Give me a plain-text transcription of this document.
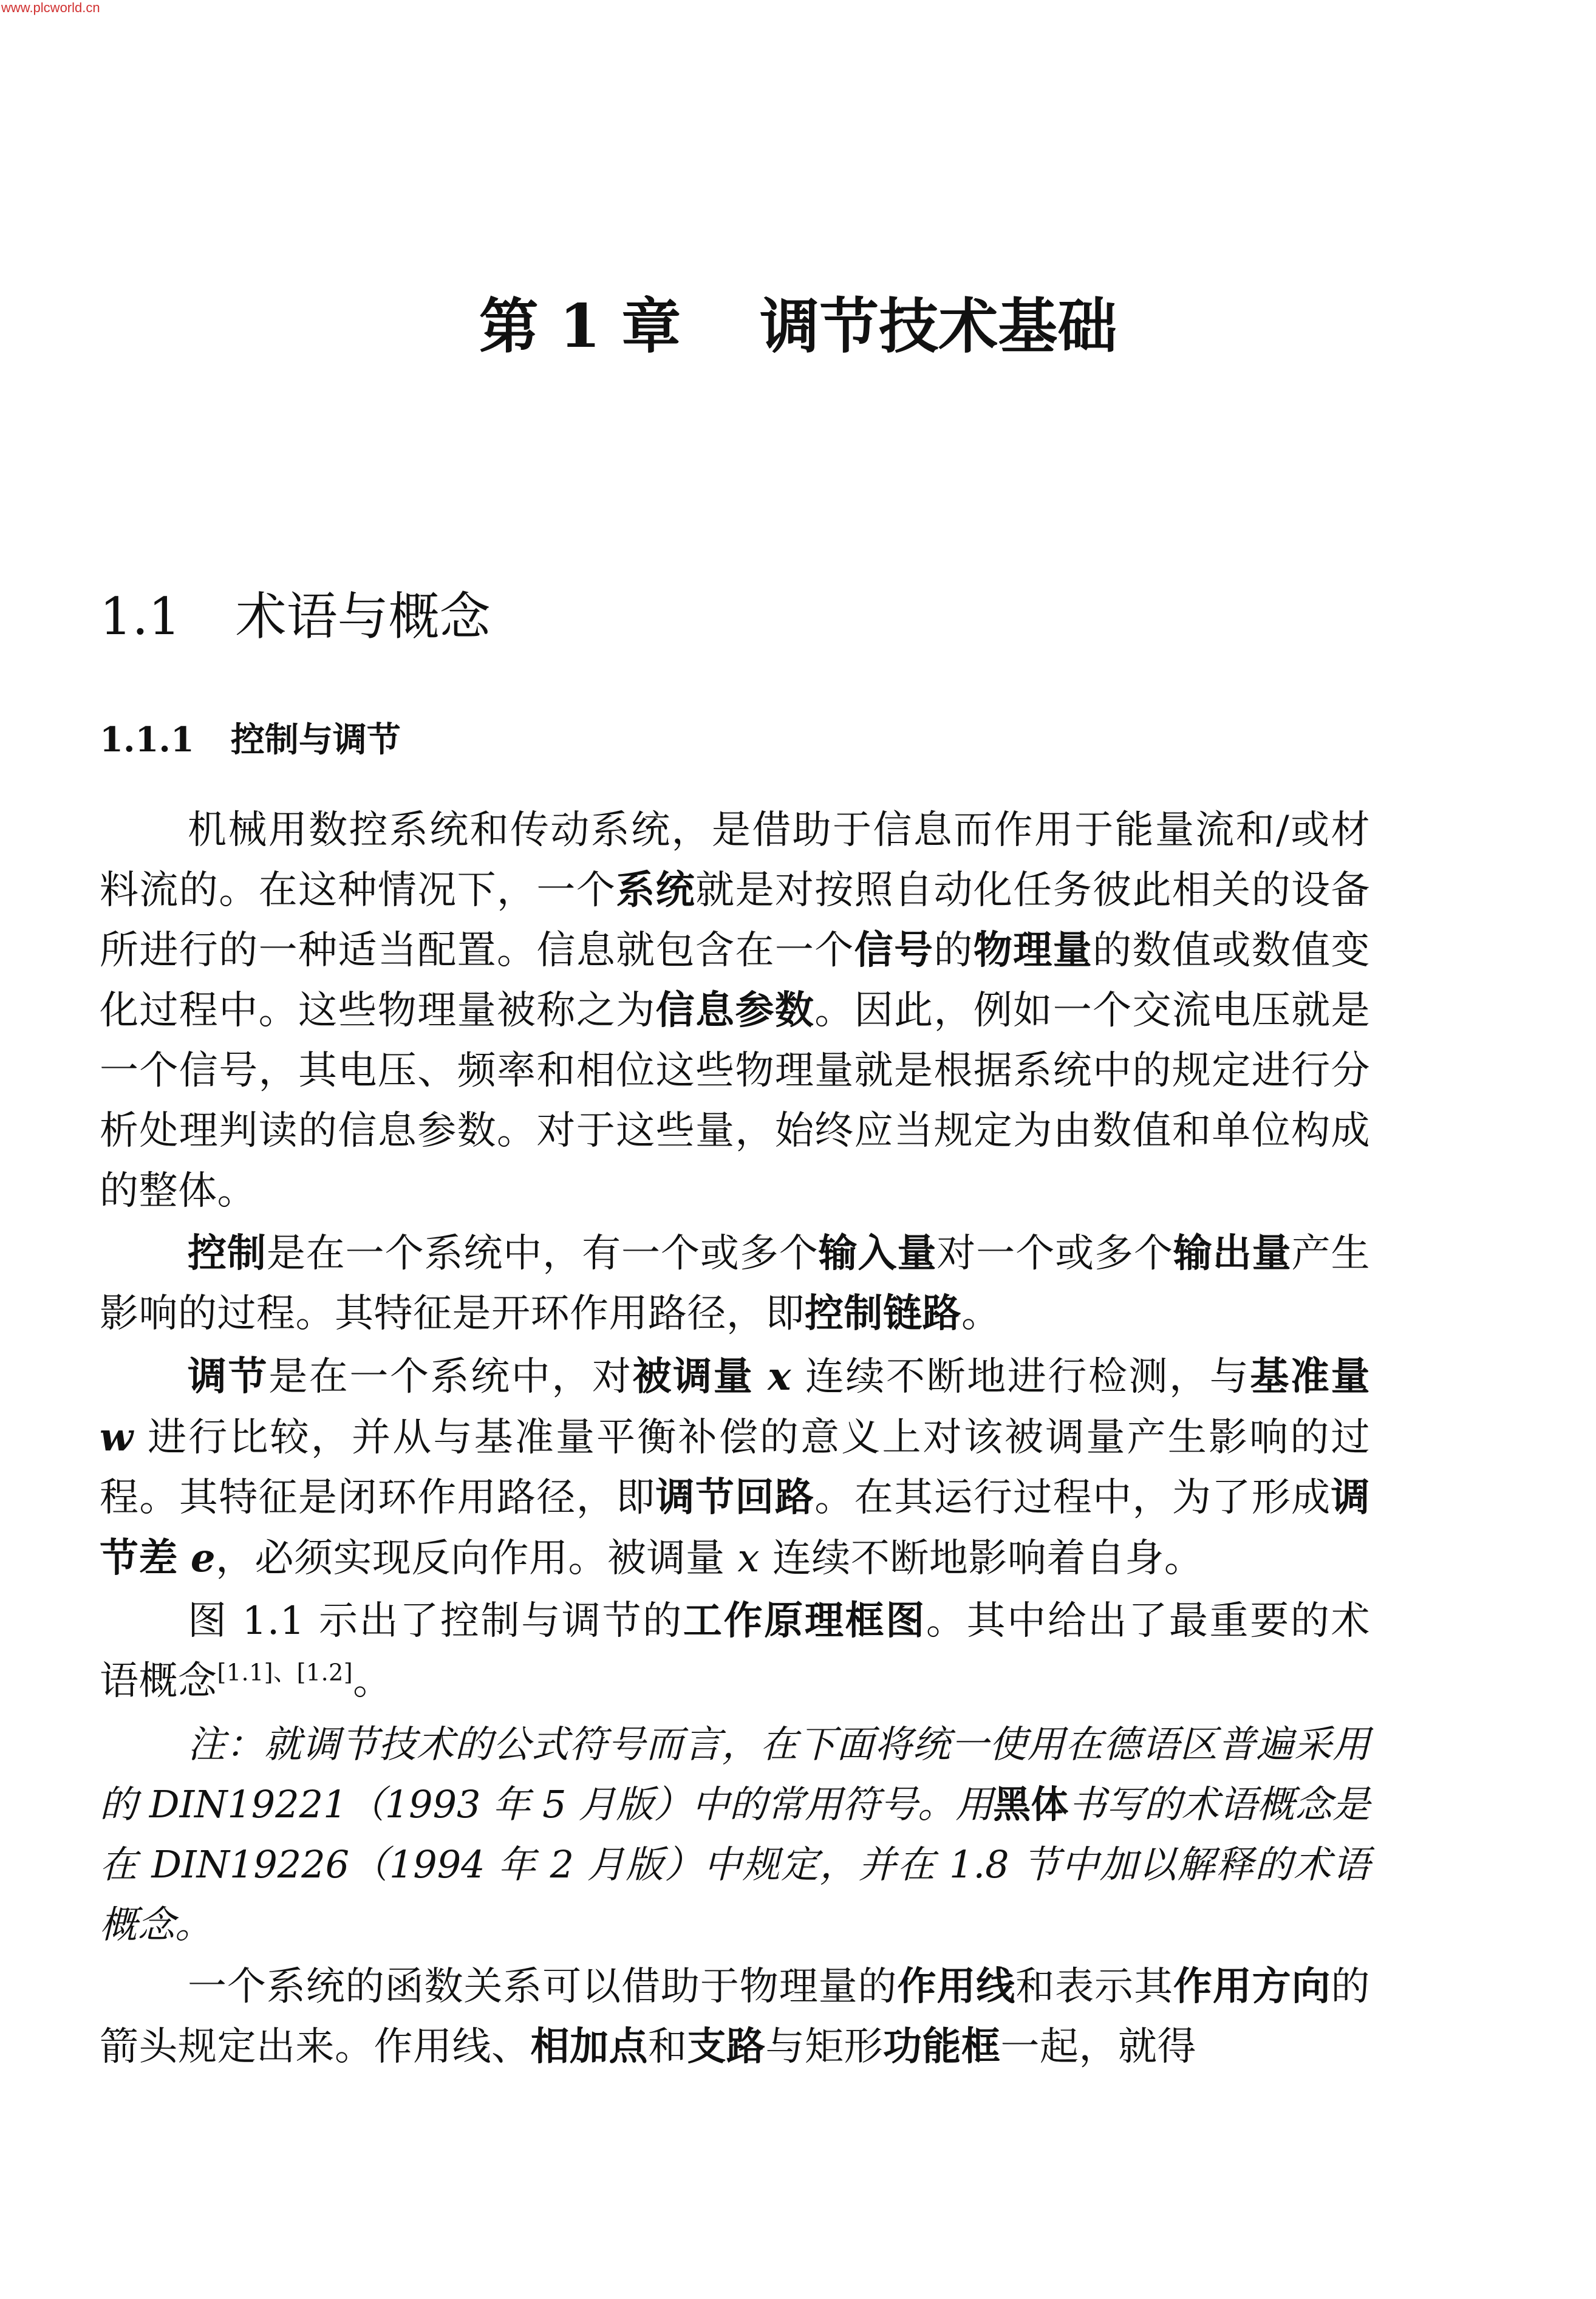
www.plcworld.cn
第 1 章 调节技术基础
1.1 术语与概念
1.1.1 控制与调节

机械用数控系统和传动系统，是借助于信息而作用于能量流和/或材料流的。在这种情况下，一个系统就是对按照自动化任务彼此相关的设备所进行的一种适当配置。信息就包含在一个信号的物理量的数值或数值变化过程中。这些物理量被称之为信息参数。因此，例如一个交流电压就是一个信号，其电压、频率和相位这些物理量就是根据系统中的规定进行分析处理判读的信息参数。对于这些量，始终应当规定为由数值和单位构成的整体。

控制是在一个系统中，有一个或多个输入量对一个或多个输出量产生影响的过程。其特征是开环作用路径，即控制链路。

调节是在一个系统中，对被调量 x 连续不断地进行检测，与基准量 w 进行比较，并从与基准量平衡补偿的意义上对该被调量产生影响的过程。其特征是闭环作用路径，即调节回路。在其运行过程中，为了形成调节差 e，必须实现反向作用。被调量 x 连续不断地影响着自身。

图 1.1 示出了控制与调节的工作原理框图。其中给出了最重要的术语概念[1.1]、[1.2]。

注：就调节技术的公式符号而言，在下面将统一使用在德语区普遍采用的 DIN19221（1993 年 5 月版）中的常用符号。用黑体书写的术语概念是在 DIN19226（1994 年 2 月版）中规定，并在 1.8 节中加以解释的术语概念。

一个系统的函数关系可以借助于物理量的作用线和表示其作用方向的箭头规定出来。作用线、相加点和支路与矩形功能框一起，就得
